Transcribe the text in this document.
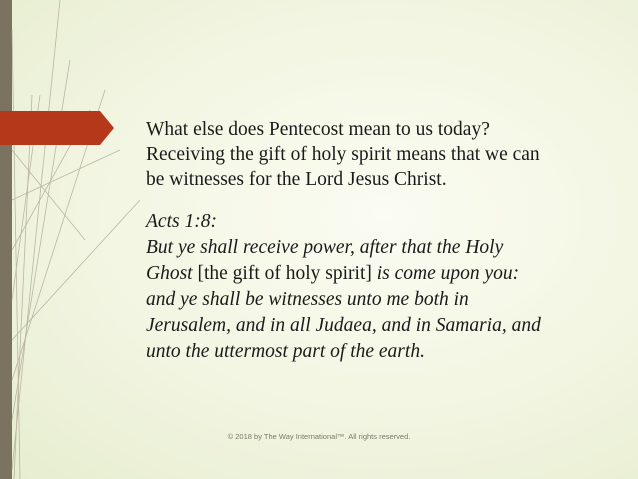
What else does Pentecost mean to us today?
Receiving the gift of holy spirit means that we can
be witnesses for the Lord Jesus Christ.

Acts 1:8:
But ye shall receive power, after that the Holy
Ghost [the gift of holy spirit] is come upon you:
and ye shall be witnesses unto me both in
Jerusalem, and in all Judaea, and in Samaria, and
unto the uttermost part of the earth.

© 2018 by The Way International™. All rights reserved.
